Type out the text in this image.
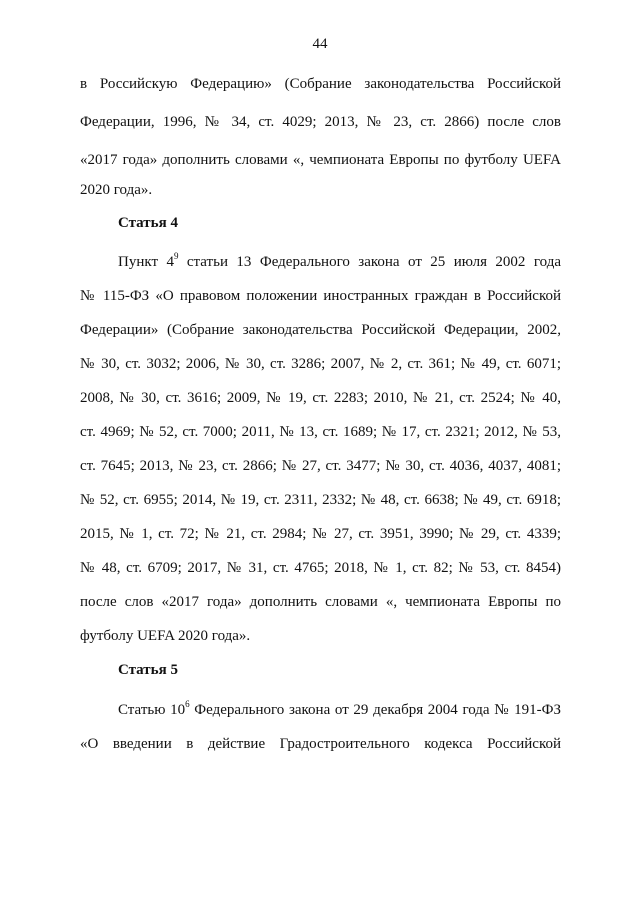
44
в Российскую Федерацию» (Собрание законодательства Российской
Федерации, 1996, № 34, ст. 4029; 2013, № 23, ст. 2866) после слов
«2017 года» дополнить словами «, чемпионата Европы по футболу UEFA
2020 года».
Статья 4
Пункт $4^9$ статьи 13 Федерального закона от 25 июля 2002 года
№ 115-ФЗ «О правовом положении иностранных граждан в Российской
Федерации» (Собрание законодательства Российской Федерации, 2002,
№ 30, ст. 3032; 2006, № 30, ст. 3286; 2007, № 2, ст. 361; № 49, ст. 6071;
2008, № 30, ст. 3616; 2009, № 19, ст. 2283; 2010, № 21, ст. 2524; № 40,
ст. 4969; № 52, ст. 7000; 2011, № 13, ст. 1689; № 17, ст. 2321; 2012, № 53,
ст. 7645; 2013, № 23, ст. 2866; № 27, ст. 3477; № 30, ст. 4036, 4037, 4081;
№ 52, ст. 6955; 2014, № 19, ст. 2311, 2332; № 48, ст. 6638; № 49, ст. 6918;
2015, № 1, ст. 72; № 21, ст. 2984; № 27, ст. 3951, 3990; № 29, ст. 4339;
№ 48, ст. 6709; 2017, № 31, ст. 4765; 2018, № 1, ст. 82; № 53, ст. 8454)
после слов «2017 года» дополнить словами «, чемпионата Европы по
футболу UEFA 2020 года».
Статья 5
Статью $10^6$ Федерального закона от 29 декабря 2004 года № 191-ФЗ
«О введении в действие Градостроительного кодекса Российской
